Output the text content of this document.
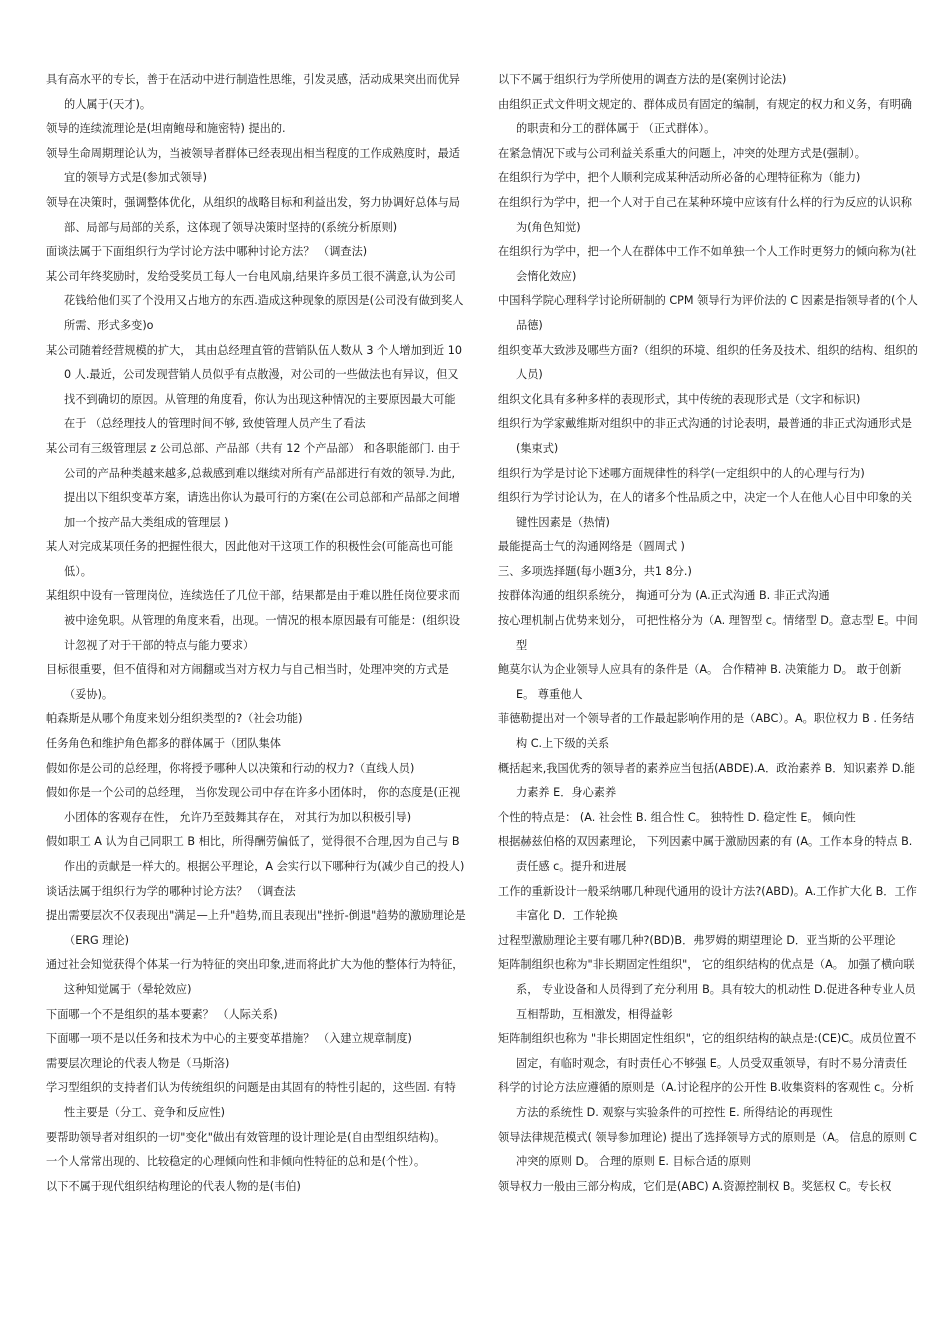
具有高水平的专长，善于在活动中进行制造性思维，引发灵感，活动成果突出而优异的人属于(天才)。

领导的连续流理论是(坦南鲍母和施密特) 提出的.

领导生命周期理论认为，当被领导者群体已经表现出相当程度的工作成熟度时，最适宜的领导方式是(参加式领导)

领导在决策时，强调整体优化，从组织的战略目标和利益出发，努力协调好总体与局部、局部与局部的关系，这体现了领导决策时坚持的(系统分析原则)

面谈法属于下面组织行为学讨论方法中哪种讨论方法？ （调查法)

某公司年终奖励时，发给受奖员工每人一台电风扇,结果许多员工很不满意,认为公司花钱给他们买了个没用又占地方的东西.造成这种现象的原因是(公司没有做到奖人所需、形式多变)o

某公司随着经营规模的扩大， 其由总经理直管的营销队伍人数从 3 个人增加到近 100 人.最近，公司发现营销人员似乎有点散漫，对公司的一些做法也有异议，但又找不到确切的原因。从管理的角度看，你认为出现这种情况的主要原因最大可能在于 （总经理技人的管理时间不够, 致使管理人员产生了看法

某公司有三级管理层 z 公司总部、产品部（共有 12 个产品部） 和各职能部门. 由于公司的产品种类越来越多,总裁感到难以继续对所有产品部进行有效的领导.为此,提出以下组织变革方案，请选出你认为最可行的方案(在公司总部和产品部之间增加一个按产品大类组成的管理层 )

某人对完成某项任务的把握性很大，因此他对干这项工作的积极性会(可能高也可能低）。

某组织中设有一管理岗位，连续选任了几位干部，结果都是由于难以胜任岗位要求而被中途免职。从管理的角度来看，出现。一情况的根本原因最有可能是：(组织设计忽视了对于干部的特点与能力要求）

目标很重要，但不值得和对方闹翻或当对方权力与自己相当时，处理冲突的方式是（妥协)。

帕森斯是从哪个角度来划分组织类型的?（社会功能)

任务角色和维护角色都多的群体属于（团队集体

假如你是公司的总经理，你将授予哪种人以决策和行动的权力?（直线人员)

假如你是一个公司的总经理， 当你发现公司中存在许多小团体时， 你的态度是(正视小团体的客观存在性， 允许乃至鼓舞其存在， 对其行为加以积极引导)

假如职工 A 认为自己同职工 B 相比，所得酬劳偏低了，觉得很不合理,因为自己与 B 作出的贡献是一样大的。根据公平理论，A 会实行以下哪种行为(减少自己的投人)

谈话法属于组织行为学的哪种讨论方法？ （调查法

提出需要层次不仅表现出"满足—上升"趋势,而且表现出"挫折-倒退"趋势的激励理论是（ERG 理论)

通过社会知觉获得个体某一行为特征的突出印象,进而将此扩大为他的整体行为特征，这种知觉属于（晕轮效应)

下面哪一个不是组织的基本要素？ （人际关系)

下面哪一项不是以任务和技术为中心的主要变革措施？ （入建立规章制度)

需要层次理论的代表人物是（马斯洛)

学习型组织的支持者们认为传统组织的问题是由其固有的特性引起的，这些固. 有特性主要是（分工、竞争和反应性)

要帮助领导者对组织的一切"变化"做出有效管理的设计理论是(自由型组织结构)。

一个人常常出现的、比较稳定的心理倾向性和非倾向性特征的总和是(个性）。

以下不属于现代组织结构理论的代表人物的是(韦伯)

以下不属于组织行为学所使用的调查方法的是(案例讨论法)

由组织正式文件明文规定的、群体成员有固定的编制，有规定的权力和义务，有明确的职责和分工的群体属于 （正式群体）。

在紧急情况下或与公司利益关系重大的问题上，冲突的处理方式是(强制）。

在组织行为学中，把个人顺利完成某种活动所必备的心理特征称为（能力)

在组织行为学中，把一个人对于自己在某种环境中应该有什么样的行为反应的认识称为(角色知觉)

在组织行为学中，把一个人在群体中工作不如单独一个人工作时更努力的倾向称为(社会惰化效应)

中国科学院心理科学讨论所研制的 CPM 领导行为评价法的 C 因素是指领导者的(个人品德)

组织变革大致涉及哪些方面?（组织的环境、组织的任务及技术、组织的结构、组织的人员)

组织文化具有多种多样的表现形式，其中传统的表现形式是（文字和标识)

组织行为学家戴维斯对组织中的非正式沟通的讨论表明，最普通的非正式沟通形式是(集束式)

组织行为学是讨论下述哪方面规律性的科学(一定组织中的人的心理与行为)

组织行为学讨论认为，在人的诸多个性品质之中，决定一个人在他人心目中印象的关键性因素是（热情)

最能提高士气的沟通网络是（圆周式 )

三、多项选择题(每小题3分，共1 8分.)

按群体沟通的组织系统分， 掏通可分为 (A.正式沟通 B. 非正式沟通

按心理机制占优势来划分， 可把性格分为（A. 理智型 c。情绪型 D。意志型 E。中间型

鲍莫尔认为企业领导人应具有的条件是（A。 合作精神 B. 决策能力 D。 敢于创新 E。 尊重他人

菲德勒提出对一个领导者的工作最起影响作用的是（ABC）。A。职位权力 B . 任务结构 C.上下级的关系

概括起来,我国优秀的领导者的素养应当包括(ABDE).A．政治素养 B．知识素养 D.能力素养 E．身心素养

个性的特点是： (A. 社会性 B. 组合性 C。 独特性 D. 稳定性 E。 倾向性

根据赫兹伯格的双因素理论， 下列因素中属于激励因素的有 (A。工作本身的特点 B.责任感 c。提升和进展

工作的重新设计一般采纳哪几种现代通用的设计方法?(ABD)。A.工作扩大化 B．工作丰富化 D．工作轮换

过程型激励理论主要有哪几种?(BD)B．弗罗姆的期望理论 D．亚当斯的公平理论

矩阵制组织也称为"非长期固定性组织"， 它的组织结构的优点是（A。 加强了横向联系， 专业设备和人员得到了充分利用 B。具有较大的机动性 D.促进各种专业人员互相帮助，互相激发，相得益彰

矩阵制组织也称为 "非长期固定性组织"，它的组织结构的缺点是:(CE)C。成员位置不固定，有临时观念，有时责任心不够强 E。人员受双重领导，有时不易分清责任

科学的讨论方法应遵循的原则是（A.讨论程序的公开性 B.收集资料的客观性 c。分析方法的系统性 D. 观察与实验条件的可控性 E. 所得结论的再现性

领导法律规范模式( 领导参加理论) 提出了选择领导方式的原则是（A。 信息的原则 C 冲突的原则 D。 合理的原则 E. 目标合适的原则

领导权力一般由三部分构成，它们是(ABC) A.资源控制权 B。奖惩权 C。专长权
